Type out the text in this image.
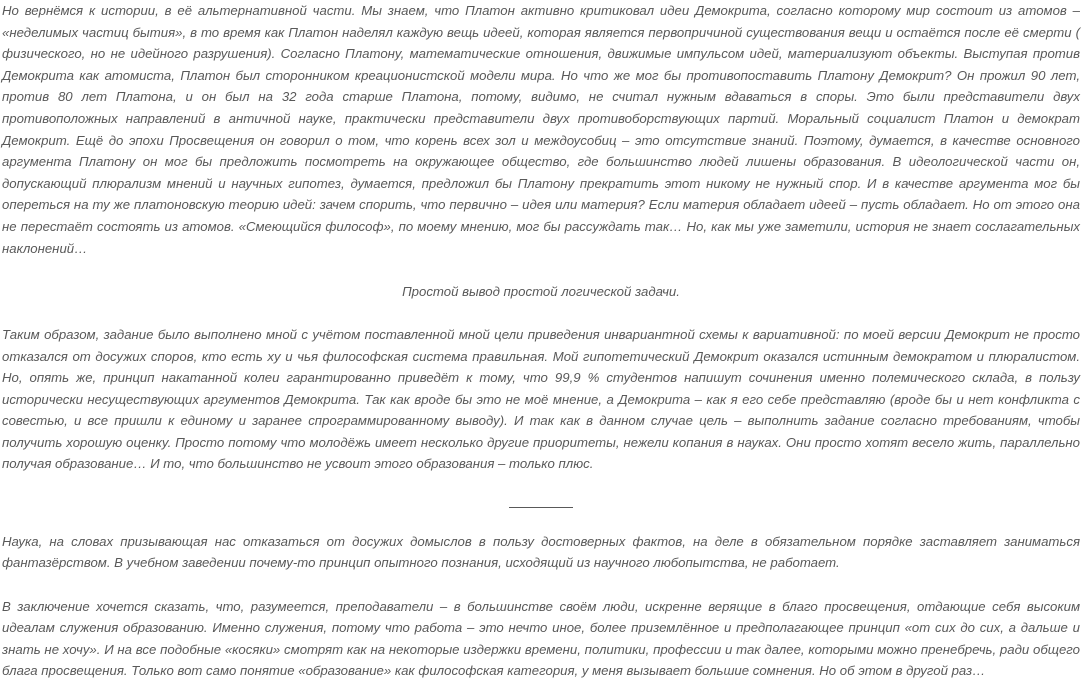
Но вернёмся к истории, в её альтернативной части. Мы знаем, что Платон активно критиковал идеи Демокрита, согласно которому мир состоит из атомов – «неделимых частиц бытия», в то время как Платон наделял каждую вещь идеей, которая является первопричиной существования вещи и остаётся после её смерти ( физического, но не идейного разрушения). Согласно Платону, математические отношения, движимые импульсом идей, материализуют объекты. Выступая против Демокрита как атомиста, Платон был сторонником креационистской модели мира. Но что же мог бы противопоставить Платону Демокрит? Он прожил 90 лет, против 80 лет Платона, и он был на 32 года старше Платона, потому, видимо, не считал нужным вдаваться в споры. Это были представители двух противоположных направлений в античной науке, практически представители двух противоборствующих партий. Моральный социалист Платон и демократ Демокрит. Ещё до эпохи Просвещения он говорил о том, что корень всех зол и междоусобиц – это отсутствие знаний. Поэтому, думается, в качестве основного аргумента Платону он мог бы предложить посмотреть на окружающее общество, где большинство людей лишены образования. В идеологической части он, допускающий плюрализм мнений и научных гипотез, думается, предложил бы Платону прекратить этот никому не нужный спор. И в качестве аргумента мог бы опереться на ту же платоновскую теорию идей: зачем спорить, что первично – идея или материя? Если материя обладает идеей – пусть обладает. Но от этого она не перестаёт состоять из атомов. «Смеющийся философ», по моему мнению, мог бы рассуждать так… Но, как мы уже заметили, история не знает сослагательных наклонений…

Простой вывод простой логической задачи.

Таким образом, задание было выполнено мной с учётом поставленной мной цели приведения инвариантной схемы к вариативной: по моей версии Демокрит не просто отказался от досужих споров, кто есть ху и чья философская система правильная. Мой гипотетический Демокрит оказался истинным демократом и плюралистом. Но, опять же, принцип накатанной колеи гарантированно приведёт к тому, что 99,9 % студентов напишут сочинения именно полемического склада, в пользу исторически несуществующих аргументов Демокрита. Так как вроде бы это не моё мнение, а Демокрита – как я его себе представляю (вроде бы и нет конфликта с совестью, и все пришли к единому и заранее спрограммированному выводу). И так как в данном случае цель – выполнить задание согласно требованиям, чтобы получить хорошую оценку. Просто потому что молодёжь имеет несколько другие приоритеты, нежели копания в науках. Они просто хотят весело жить, параллельно получая образование… И то, что большинство не усвоит этого образования – только плюс.

Наука, на словах призывающая нас отказаться от досужих домыслов в пользу достоверных фактов, на деле в обязательном порядке заставляет заниматься фантазёрством. В учебном заведении почему-то принцип опытного познания, исходящий из научного любопытства, не работает.

В заключение хочется сказать, что, разумеется, преподаватели – в большинстве своём люди, искренне верящие в благо просвещения, отдающие себя высоким идеалам служения образованию. Именно служения, потому что работа – это нечто иное, более приземлённое и предполагающее принцип «от сих до сих, а дальше и знать не хочу». И на все подобные «косяки» смотрят как на некоторые издержки времени, политики, профессии и так далее, которыми можно пренебречь, ради общего блага просвещения. Только вот само понятие «образование» как философская категория, у меня вызывает большие сомнения. Но об этом в другой раз…
